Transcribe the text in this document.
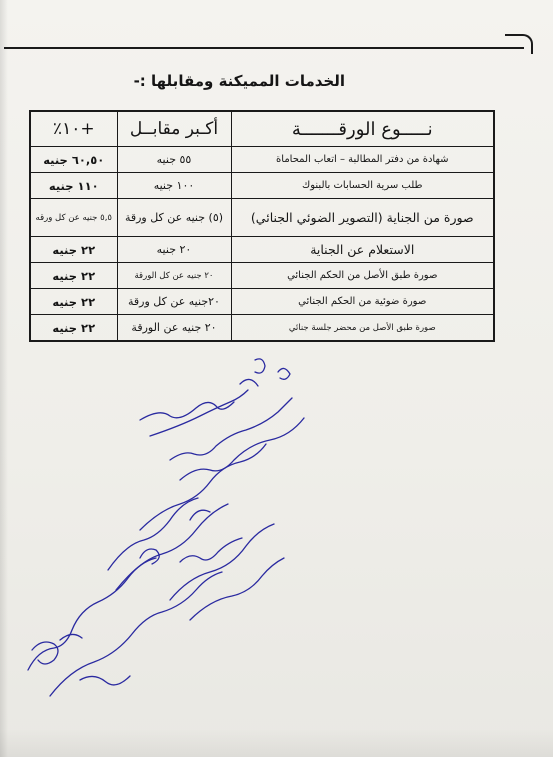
الخدمات المميكنة ومقابلها :-
نـــــوع الورقـــــــة	أكـبر مقابــل	+١٠٪
شهادة من دفتر المطالبة – اتعاب المحاماة	٥٥ جنيه	٦٠,٥٠ جنيه
طلب سرية الحسابات بالبنوك	١٠٠ جنيه	١١٠ جنيه
صورة من الجناية (التصوير الضوئي الجنائي)	(٥) جنيه عن كل ورقة	٥,٥ جنيه عن كل ورقه
الاستعلام عن الجناية	٢٠ جنيه	٢٢ جنيه
صورة طبق الأصل من الحكم الجنائي	٢٠ جنيه عن كل الورقة	٢٢ جنيه
صورة ضوئية من الحكم الجنائي	٢٠جنيه عن كل ورقة	٢٢ جنيه
صورة طبق الأصل من محضر جلسة جنائي	٢٠ جنيه عن الورقة	٢٢ جنيه
